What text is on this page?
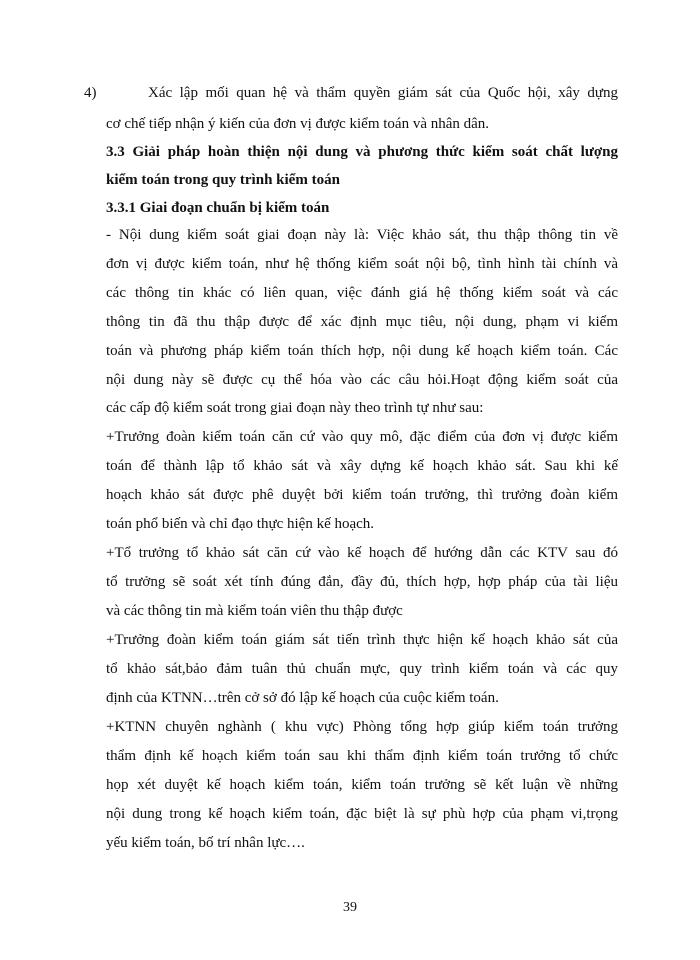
4)	Xác lập mối quan hệ và thẩm quyền giám sát của Quốc hội, xây dựng
cơ chế tiếp nhận ý kiến của đơn vị được kiểm toán và nhân dân.
3.3 Giải pháp hoàn thiện nội dung và phương thức kiểm soát chất lượng
kiểm toán trong quy trình kiểm toán
3.3.1 Giai đoạn chuẩn bị kiểm toán
- Nội dung kiểm soát giai đoạn này là: Việc khảo sát, thu thập thông tin về
đơn vị được kiểm toán, như hệ thống kiểm soát nội bộ, tình hình tài chính và
các thông tin khác có liên quan, việc đánh giá hệ thống kiểm soát và các
thông tin đã thu thập được để xác định mục tiêu, nội dung, phạm vi kiểm
toán và phương pháp kiểm toán thích hợp, nội dung kế hoạch kiểm toán. Các
nội dung này sẽ được cụ thể hóa vào các câu hỏi.Hoạt động kiểm soát của
các cấp độ kiểm soát trong giai đoạn này theo trình tự như sau:
+Trưởng đoàn kiểm toán căn cứ vào quy mô, đặc điểm của đơn vị được kiểm
toán để thành lập tổ khảo sát và xây dựng kế hoạch khảo sát. Sau khi kế
hoạch khảo sát được phê duyệt bởi kiểm toán trưởng, thì trưởng đoàn kiểm
toán phổ biến và chỉ đạo thực hiện kế hoạch.
+Tổ trưởng tổ khảo sát căn cứ vào kế hoạch để hướng dẫn các KTV sau đó
tổ trưởng sẽ soát xét tính đúng đắn, đầy đủ, thích hợp, hợp pháp của tài liệu
và các thông tin mà kiểm toán viên thu thập được
+Trưởng đoàn kiểm toán giám sát tiến trình thực hiện kế hoạch khảo sát của
tổ khảo sát,bảo đảm tuân thủ chuẩn mực, quy trình kiểm toán và các quy
định của KTNN…trên cở sở đó lập kế hoạch của cuộc kiểm toán.
+KTNN chuyên nghành ( khu vực) Phòng tổng hợp giúp kiểm toán trưởng
thẩm định kế hoạch kiểm toán sau khi thẩm định kiểm toán trưởng tổ chức
họp xét duyệt kế hoạch kiểm toán, kiểm toán trưởng sẽ kết luận về những
nội dung trong kế hoạch kiểm toán, đặc biệt là sự phù hợp của phạm vi,trọng
yếu kiểm toán, bố trí nhân lực….
39
